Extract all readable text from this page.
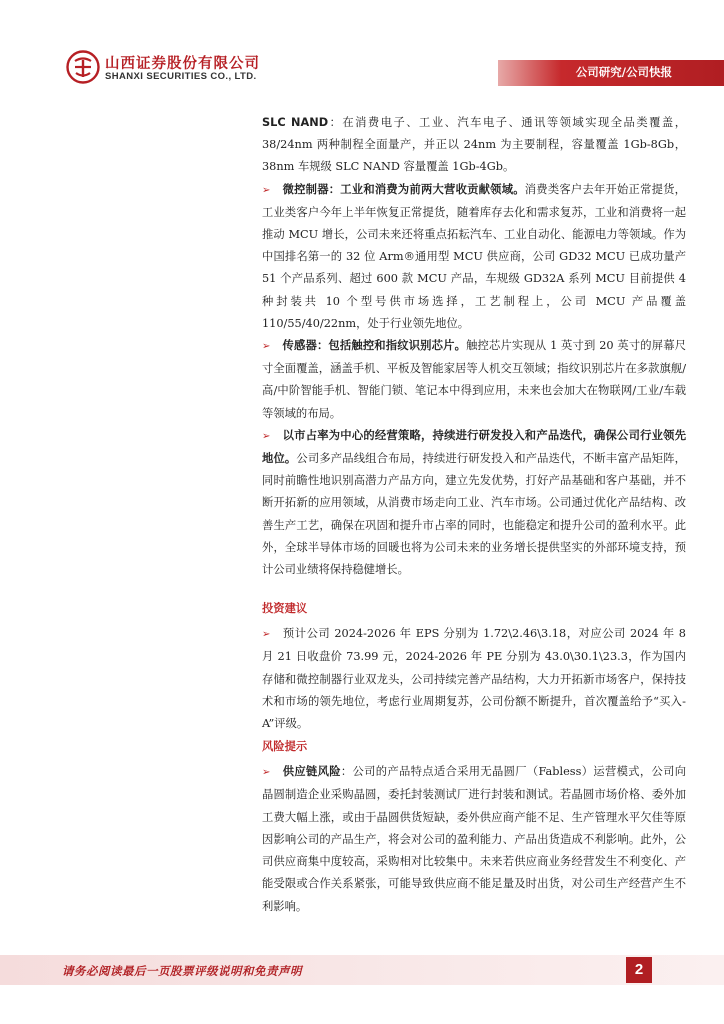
山西证券股份有限公司
SHANXI SECURITIES CO., LTD.	公司研究/公司快报

SLC NAND：在消费电子、工业、汽车电子、通讯等领域实现全品类覆盖，38/24nm 两种制程全面量产，并正以 24nm 为主要制程，容量覆盖 1Gb-8Gb，38nm 车规级 SLC NAND 容量覆盖 1Gb-4Gb。

➢ 微控制器：工业和消费为前两大营收贡献领域。消费类客户去年开始正常提货，工业类客户今年上半年恢复正常提货，随着库存去化和需求复苏，工业和消费将一起推动 MCU 增长，公司未来还将重点拓耘汽车、工业自动化、能源电力等领域。作为中国排名第一的 32 位 Arm®通用型 MCU 供应商，公司 GD32 MCU 已成功量产 51 个产品系列、超过 600 款 MCU 产品，车规级 GD32A 系列 MCU 目前提供 4 种封装共 10 个型号供市场选择，工艺制程上，公司 MCU 产品覆盖 110/55/40/22nm，处于行业领先地位。

➢ 传感器：包括触控和指纹识别芯片。触控芯片实现从 1 英寸到 20 英寸的屏幕尺寸全面覆盖，涵盖手机、平板及智能家居等人机交互领域；指纹识别芯片在多款旗舰/高/中阶智能手机、智能门锁、笔记本中得到应用，未来也会加大在物联网/工业/车载等领域的布局。

➢ 以市占率为中心的经营策略，持续进行研发投入和产品迭代，确保公司行业领先地位。公司多产品线组合布局，持续进行研发投入和产品迭代，不断丰富产品矩阵，同时前瞻性地识别高潜力产品方向，建立先发优势，打好产品基础和客户基础，并不断开拓新的应用领域，从消费市场走向工业、汽车市场。公司通过优化产品结构、改善生产工艺，确保在巩固和提升市占率的同时，也能稳定和提升公司的盈利水平。此外，全球半导体市场的回暖也将为公司未来的业务增长提供坚实的外部环境支持，预计公司业绩将保持稳健增长。

投资建议

➢ 预计公司 2024-2026 年 EPS 分别为 1.72\2.46\3.18，对应公司 2024 年 8 月 21 日收盘价 73.99 元，2024-2026 年 PE 分别为 43.0\30.1\23.3，作为国内存储和微控制器行业双龙头，公司持续完善产品结构，大力开拓新市场客户，保持技术和市场的领先地位，考虑行业周期复苏，公司份额不断提升，首次覆盖给予“买入-A”评级。

风险提示

➢ 供应链风险：公司的产品特点适合采用无晶圆厂（Fabless）运营模式，公司向晶圆制造企业采购晶圆，委托封装测试厂进行封装和测试。若晶圆市场价格、委外加工费大幅上涨，或由于晶圆供货短缺，委外供应商产能不足、生产管理水平欠佳等原因影响公司的产品生产，将会对公司的盈利能力、产品出货造成不利影响。此外，公司供应商集中度较高，采购相对比较集中。未来若供应商业务经营发生不利变化、产能受限或合作关系紧张，可能导致供应商不能足量及时出货，对公司生产经营产生不利影响。

请务必阅读最后一页股票评级说明和免责声明	2
